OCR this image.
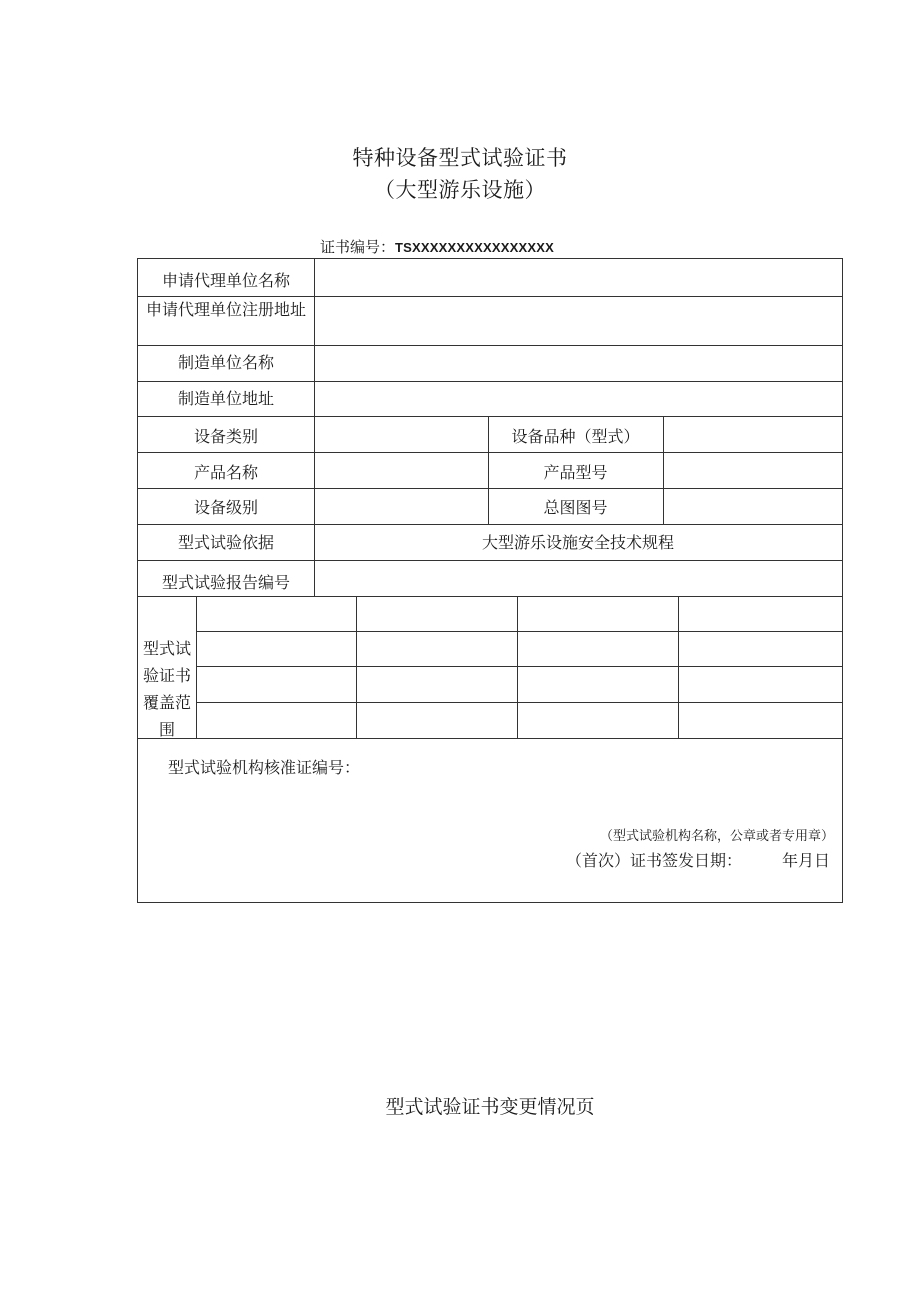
特种设备型式试验证书
（大型游乐设施）
证书编号：TSXXXXXXXXXXXXXXXX
申请代理单位名称
申请代理单位注册地址
制造单位名称
制造单位地址
设备类别	设备品种（型式）
产品名称	产品型号
设备级别	总图图号
型式试验依据	大型游乐设施安全技术规程
型式试验报告编号
型式试验证书覆盖范围
型式试验机构核准证编号：
（型式试验机构名称，公章或者专用章）
（首次）证书签发日期：	年月日
型式试验证书变更情况页
